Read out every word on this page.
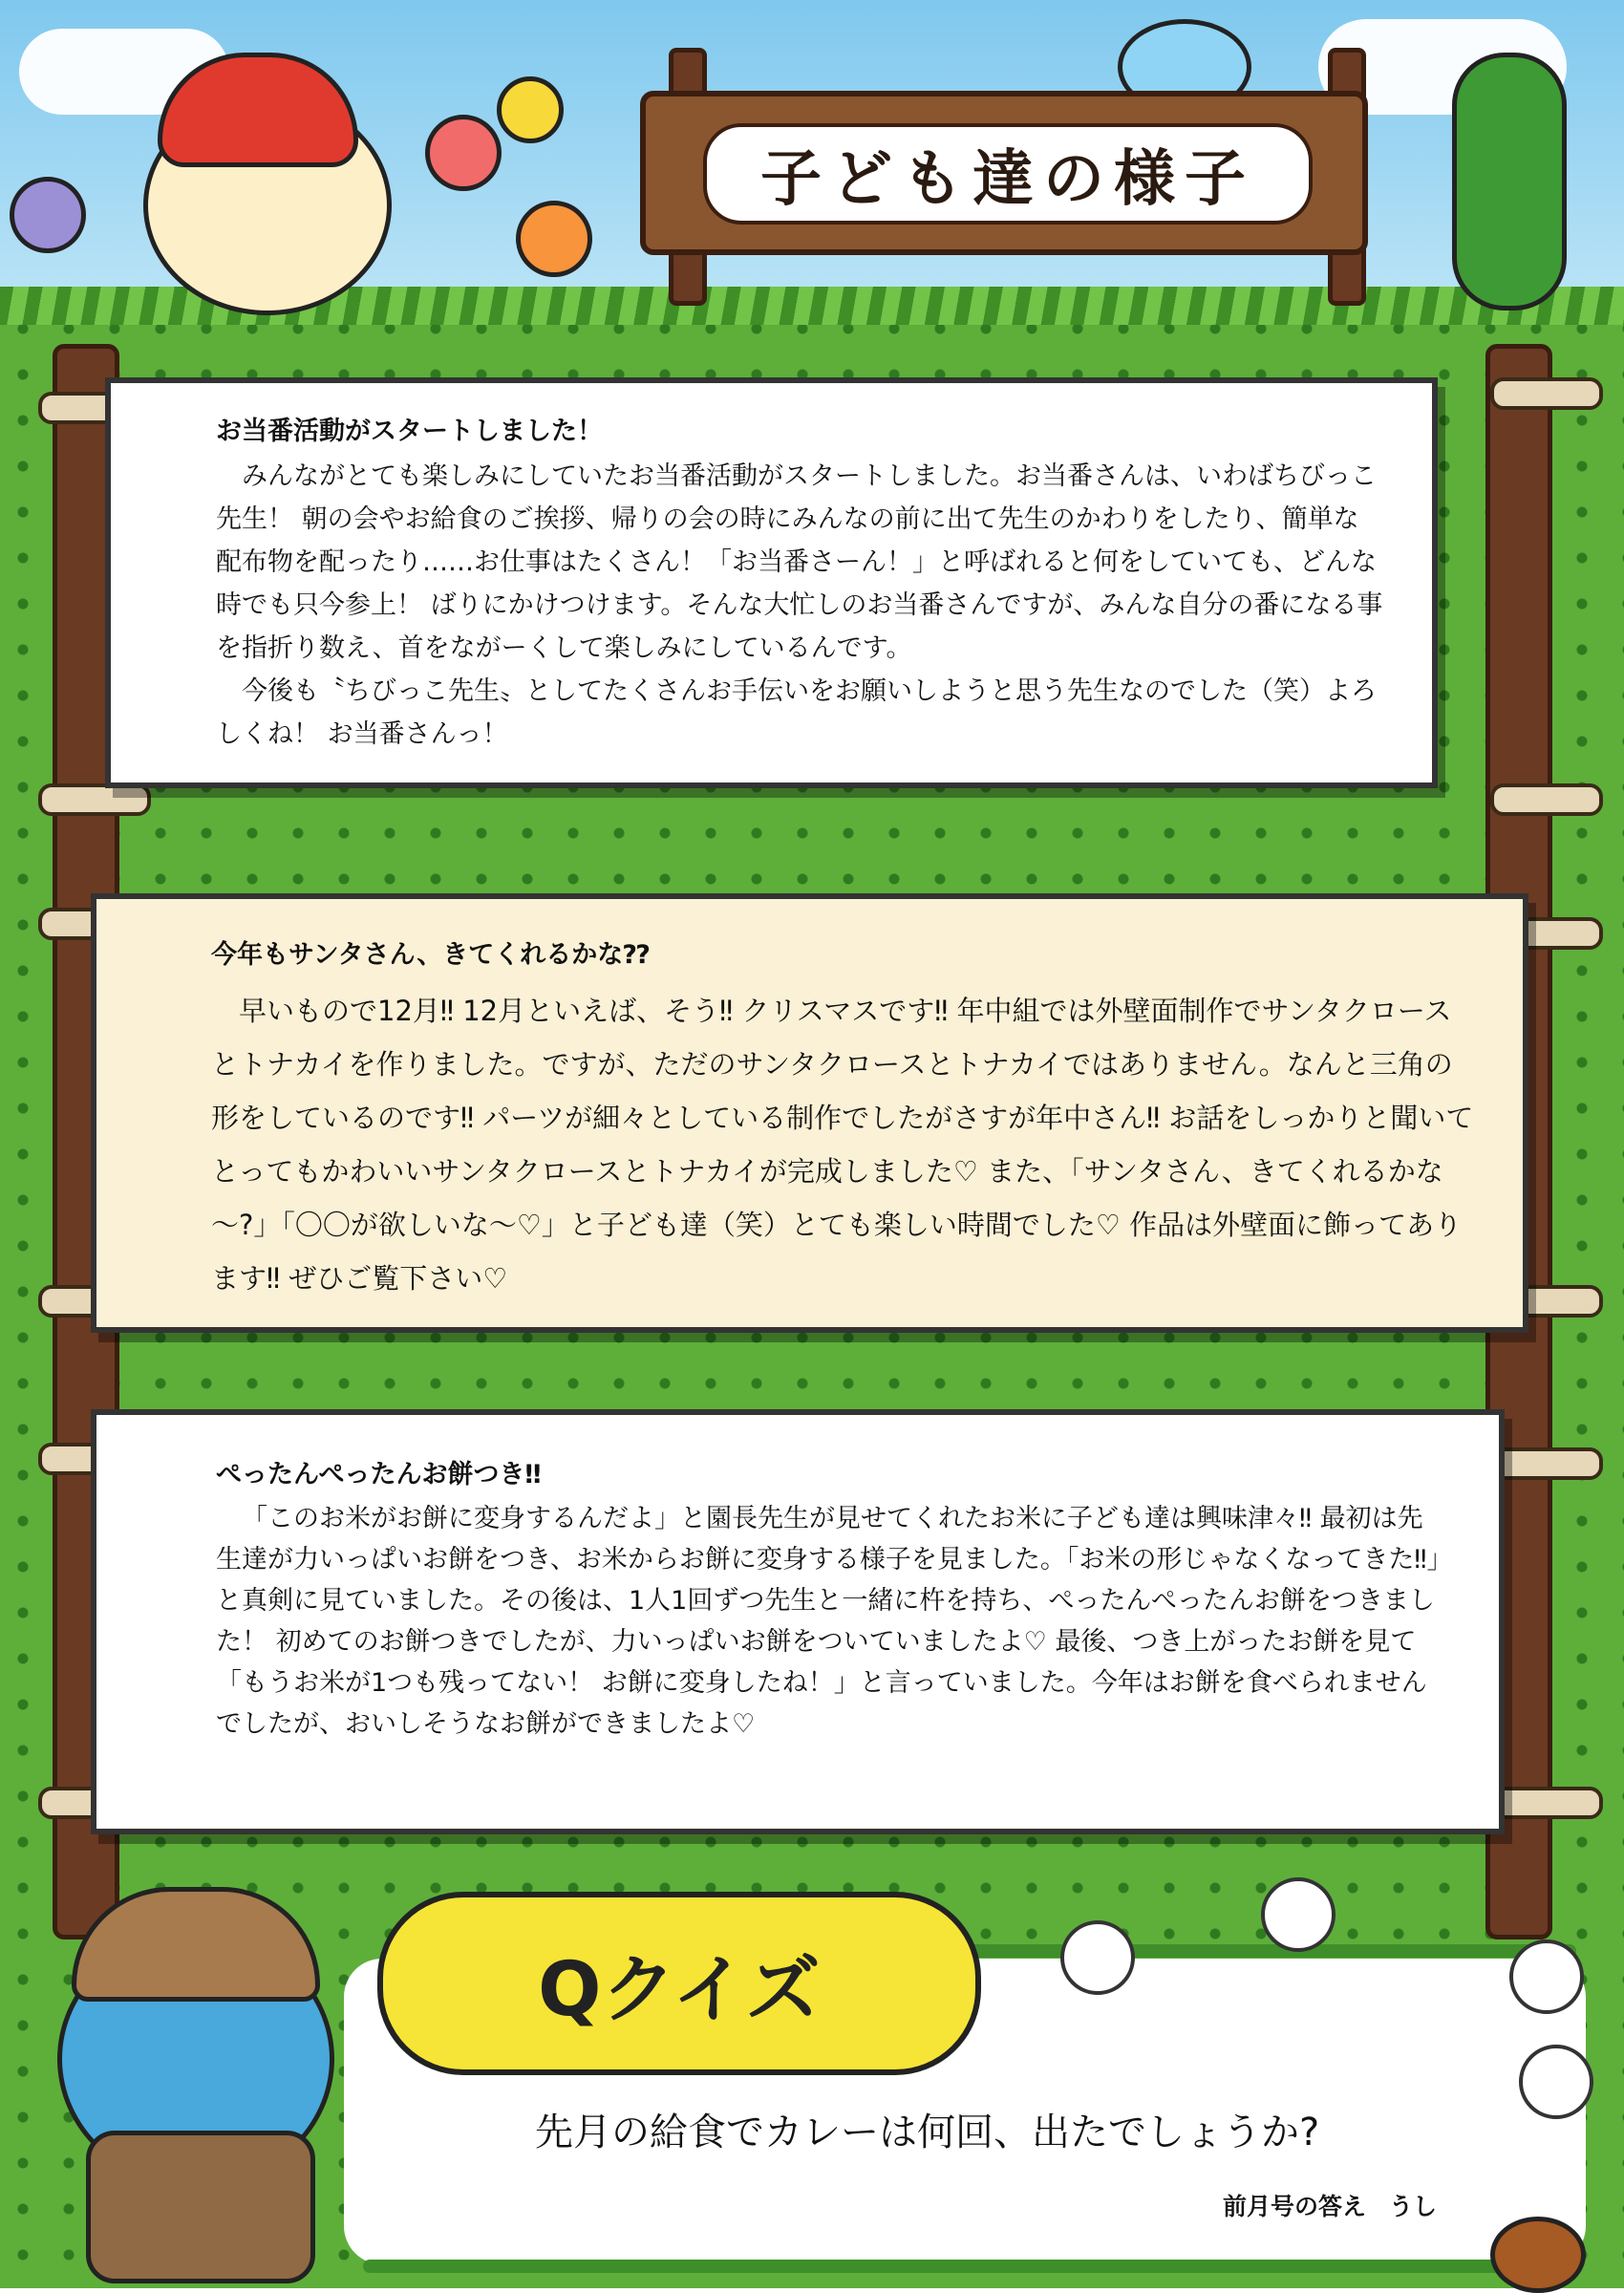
子ども達の様子
お当番活動がスタートしました！

みんながとても楽しみにしていたお当番活動がスタートしました。お当番さんは、いわばちびっこ先生！ 朝の会やお給食のご挨拶、帰りの会の時にみんなの前に出て先生のかわりをしたり、簡単な配布物を配ったり……お仕事はたくさん！「お当番さーん！」と呼ばれると何をしていても、どんな時でも只今参上！ ばりにかけつけます。そんな大忙しのお当番さんですが、みんな自分の番になる事を指折り数え、首をながーくして楽しみにしているんです。

今後も〝ちびっこ先生〟としてたくさんお手伝いをお願いしようと思う先生なのでした（笑）よろしくね！ お当番さんっ！

今年もサンタさん、きてくれるかな⁇

早いもので12月‼ 12月といえば、そう‼ クリスマスです‼ 年中組では外壁面制作でサンタクロースとトナカイを作りました。ですが、ただのサンタクロースとトナカイではありません。なんと三角の形をしているのです‼ パーツが細々としている制作でしたがさすが年中さん‼ お話をしっかりと聞いてとってもかわいいサンタクロースとトナカイが完成しました♡ また、「サンタさん、きてくれるかな～?」「〇〇が欲しいな～♡」と子ども達（笑）とても楽しい時間でした♡ 作品は外壁面に飾ってあります‼ ぜひご覧下さい♡

ぺったんぺったんお餅つき‼

「このお米がお餅に変身するんだよ」と園長先生が見せてくれたお米に子ども達は興味津々‼ 最初は先生達が力いっぱいお餅をつき、お米からお餅に変身する様子を見ました。「お米の形じゃなくなってきた‼」と真剣に見ていました。その後は、1人1回ずつ先生と一緒に杵を持ち、ぺったんぺったんお餅をつきました！ 初めてのお餅つきでしたが、力いっぱいお餅をついていましたよ♡ 最後、つき上がったお餅を見て「もうお米が1つも残ってない！ お餅に変身したね！」と言っていました。今年はお餅を食べられませんでしたが、おいしそうなお餅ができましたよ♡

Qクイズ
先月の給食でカレーは何回、出たでしょうか?
前月号の答え うし
